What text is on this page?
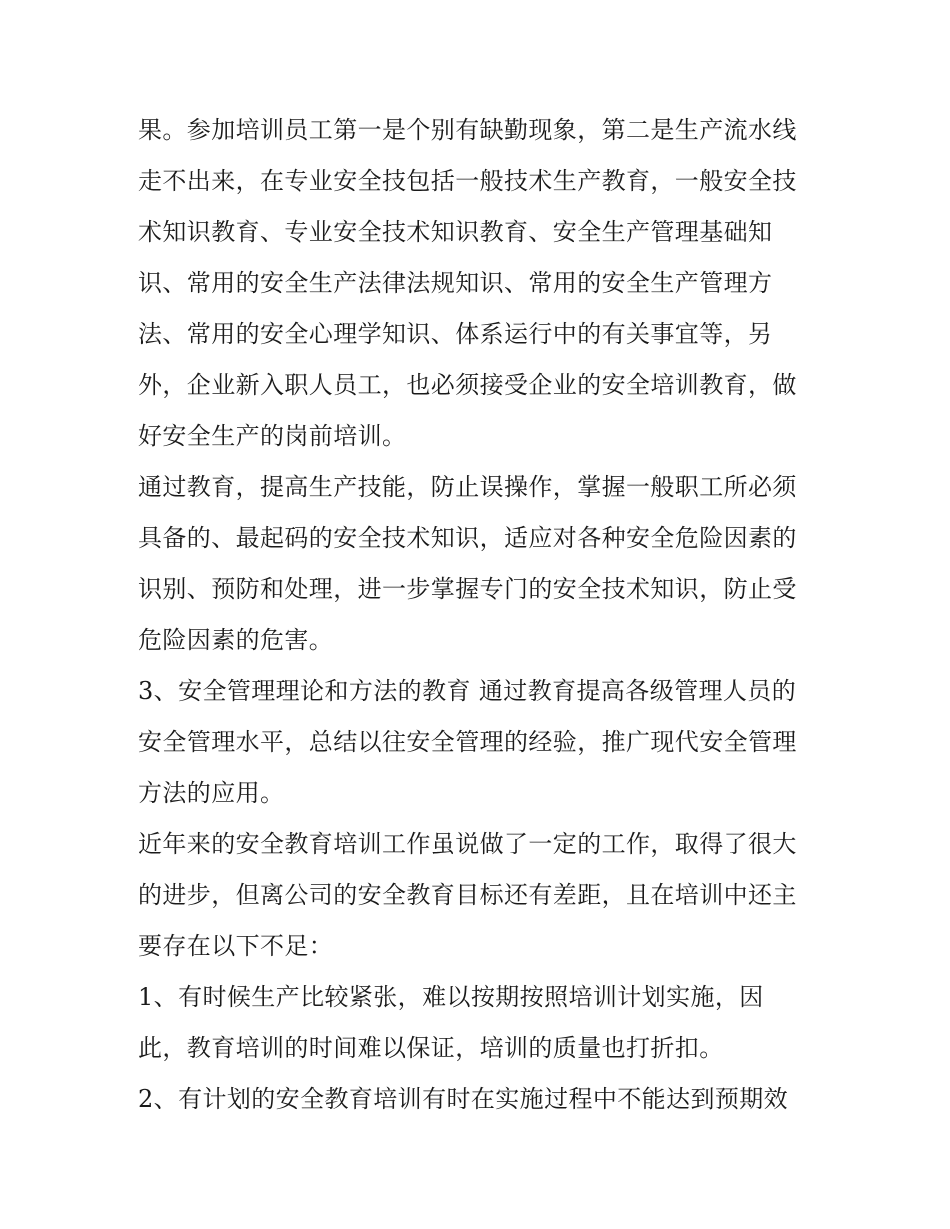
果。参加培训员工第一是个别有缺勤现象，第二是生产流水线
走不出来，在专业安全技包括一般技术生产教育，一般安全技
术知识教育、专业安全技术知识教育、安全生产管理基础知
识、常用的安全生产法律法规知识、常用的安全生产管理方
法、常用的安全心理学知识、体系运行中的有关事宜等，另
外，企业新入职人员工，也必须接受企业的安全培训教育，做
好安全生产的岗前培训。
通过教育，提高生产技能，防止误操作，掌握一般职工所必须
具备的、最起码的安全技术知识，适应对各种安全危险因素的
识别、预防和处理，进一步掌握专门的安全技术知识，防止受
危险因素的危害。
3、安全管理理论和方法的教育 通过教育提高各级管理人员的
安全管理水平，总结以往安全管理的经验，推广现代安全管理
方法的应用。
近年来的安全教育培训工作虽说做了一定的工作，取得了很大
的进步，但离公司的安全教育目标还有差距，且在培训中还主
要存在以下不足：
1、有时候生产比较紧张，难以按期按照培训计划实施，因
此，教育培训的时间难以保证，培训的质量也打折扣。
2、有计划的安全教育培训有时在实施过程中不能达到预期效
